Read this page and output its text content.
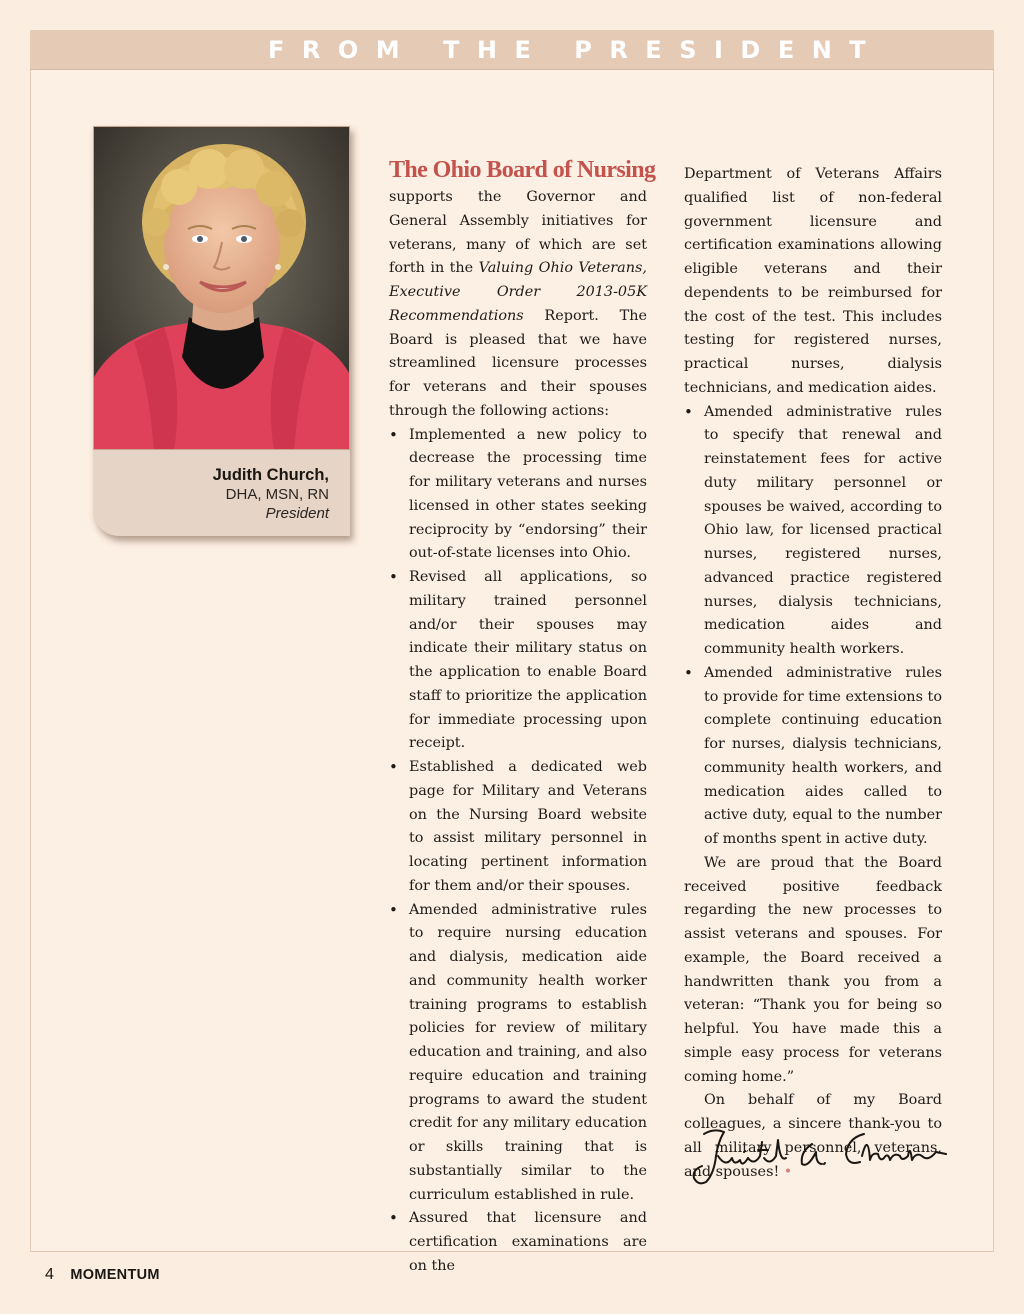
FROM THE PRESIDENT
Judith Church,
DHA, MSN, RN
President
The Ohio Board of Nursing

supports the Governor and General Assembly initiatives for veterans, many of which are set forth in the Valuing Ohio Veterans, Executive Order 2013-05K Recommendations Report. The Board is pleased that we have streamlined licensure processes for veterans and their spouses through the following actions:

• Implemented a new policy to decrease the processing time for military veterans and nurses licensed in other states seeking reciprocity by “endorsing” their out-of-state licenses into Ohio.
• Revised all applications, so military trained personnel and/or their spouses may indicate their military status on the application to enable Board staff to prioritize the application for immediate processing upon receipt.
• Established a dedicated web page for Military and Veterans on the Nursing Board website to assist military personnel in locating pertinent information for them and/or their spouses.
• Amended administrative rules to require nursing education and dialysis, medication aide and community health worker training programs to establish policies for review of military education and training, and also require education and training programs to award the student credit for any military education or skills training that is substantially similar to the curriculum established in rule.
• Assured that licensure and certification examinations are on the

Department of Veterans Affairs qualified list of non-federal government licensure and certification examinations allowing eligible veterans and their dependents to be reimbursed for the cost of the test. This includes testing for registered nurses, practical nurses, dialysis technicians, and medication aides.

• Amended administrative rules to specify that renewal and reinstatement fees for active duty military personnel or spouses be waived, according to Ohio law, for licensed practical nurses, registered nurses, advanced practice registered nurses, dialysis technicians, medication aides and community health workers.
• Amended administrative rules to provide for time extensions to complete continuing education for nurses, dialysis technicians, community health workers, and medication aides called to active duty, equal to the number of months spent in active duty.

We are proud that the Board received positive feedback regarding the new processes to assist veterans and spouses. For example, the Board received a handwritten thank you from a veteran: “Thank you for being so helpful. You have made this a simple easy process for veterans coming home.”

On behalf of my Board colleagues, a sincere thank-you to all military personnel, veterans, and spouses! •

4 MOMENTUM
